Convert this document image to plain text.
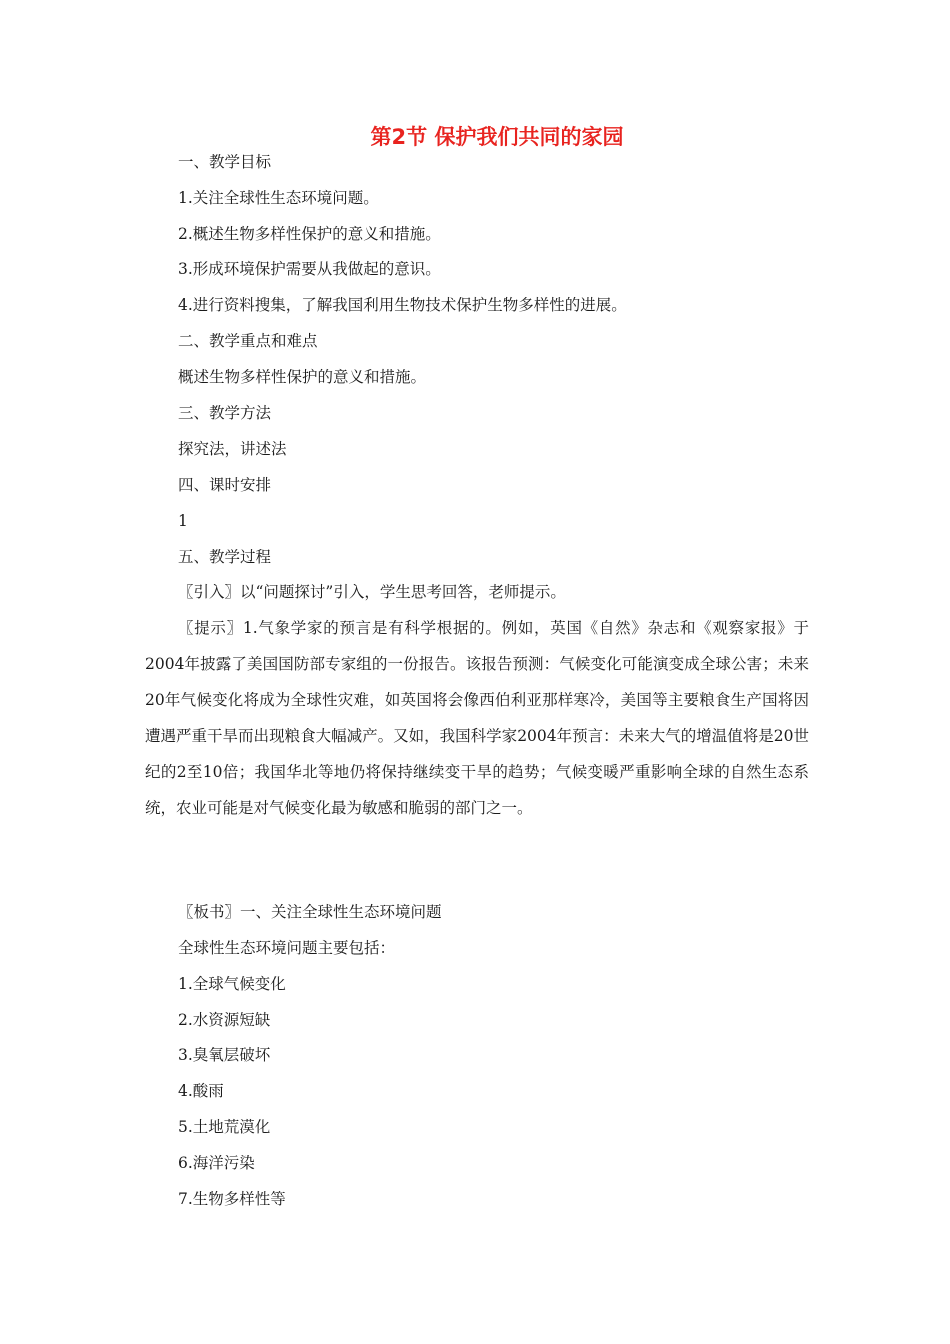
第2节 保护我们共同的家园
一、教学目标
1.关注全球性生态环境问题。
2.概述生物多样性保护的意义和措施。
3.形成环境保护需要从我做起的意识。
4.进行资料搜集，了解我国利用生物技术保护生物多样性的进展。
二、教学重点和难点
概述生物多样性保护的意义和措施。
三、教学方法
探究法，讲述法
四、课时安排
1
五、教学过程
〖引入〗以“问题探讨”引入，学生思考回答，老师提示。
〖提示〗1.气象学家的预言是有科学根据的。例如，英国《自然》杂志和《观察家报》于2004年披露了美国国防部专家组的一份报告。该报告预测：气候变化可能演变成全球公害；未来20年气候变化将成为全球性灾难，如英国将会像西伯利亚那样寒冷，美国等主要粮食生产国将因遭遇严重干旱而出现粮食大幅减产。又如，我国科学家2004年预言：未来大气的增温值将是20世纪的2至10倍；我国华北等地仍将保持继续变干旱的趋势；气候变暖严重影响全球的自然生态系统，农业可能是对气候变化最为敏感和脆弱的部门之一。
〖板书〗一、关注全球性生态环境问题
全球性生态环境问题主要包括：
1.全球气候变化
2.水资源短缺
3.臭氧层破坏
4.酸雨
5.土地荒漠化
6.海洋污染
7.生物多样性等
